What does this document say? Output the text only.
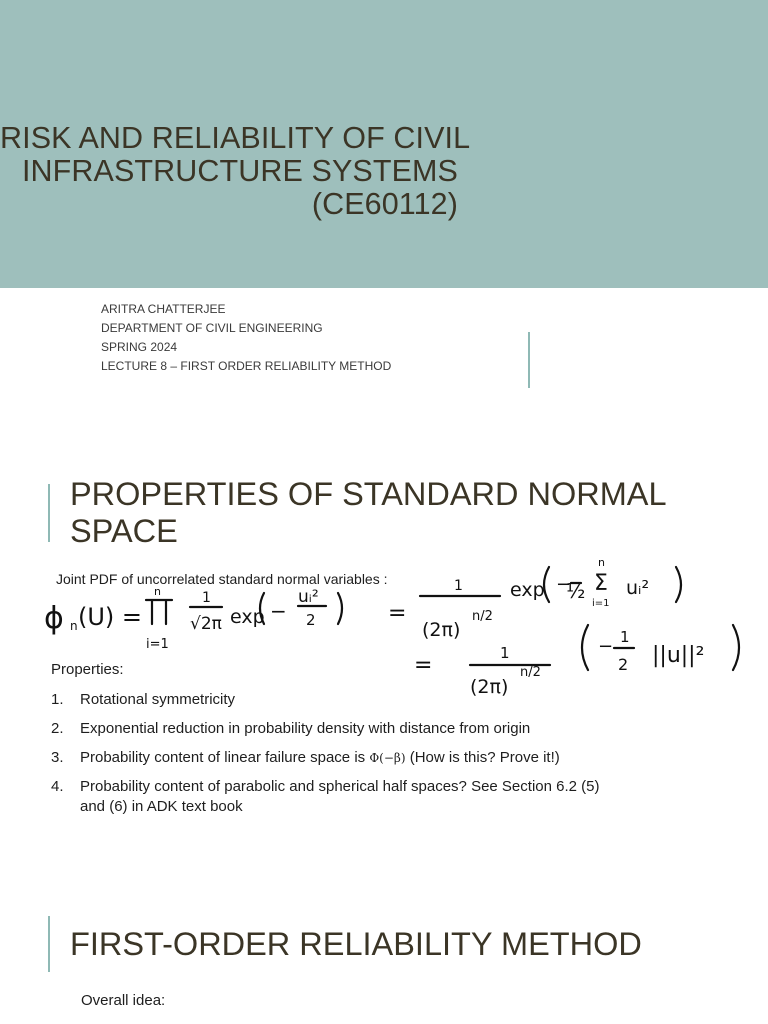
RISK AND RELIABILITY OF CIVIL
INFRASTRUCTURE SYSTEMS
(CE60112)
ARITRA CHATTERJEE
DEPARTMENT OF CIVIL ENGINEERING
SPRING 2024
LECTURE 8 – FIRST ORDER RELIABILITY METHOD
PROPERTIES OF STANDARD NORMAL
SPACE
Joint PDF of uncorrelated standard normal variables :
ϕ n (U) =
n
i=1
1
√2π exp −
uᵢ²
2	=
1
(2π)
n/2
exp −
½
n
Σ
i=1
uᵢ²
=	1
(2π)
n/2
− 1
2 ||u||²
Properties:
1. Rotational symmetricity
2. Exponential reduction in probability density with distance from origin
3. Probability content of linear failure space is Φ(−β) (How is this? Prove it!)
4. Probability content of parabolic and spherical half spaces? See Section 6.2 (5)
and (6) in ADK text book
FIRST-ORDER RELIABILITY METHOD
Overall idea:
